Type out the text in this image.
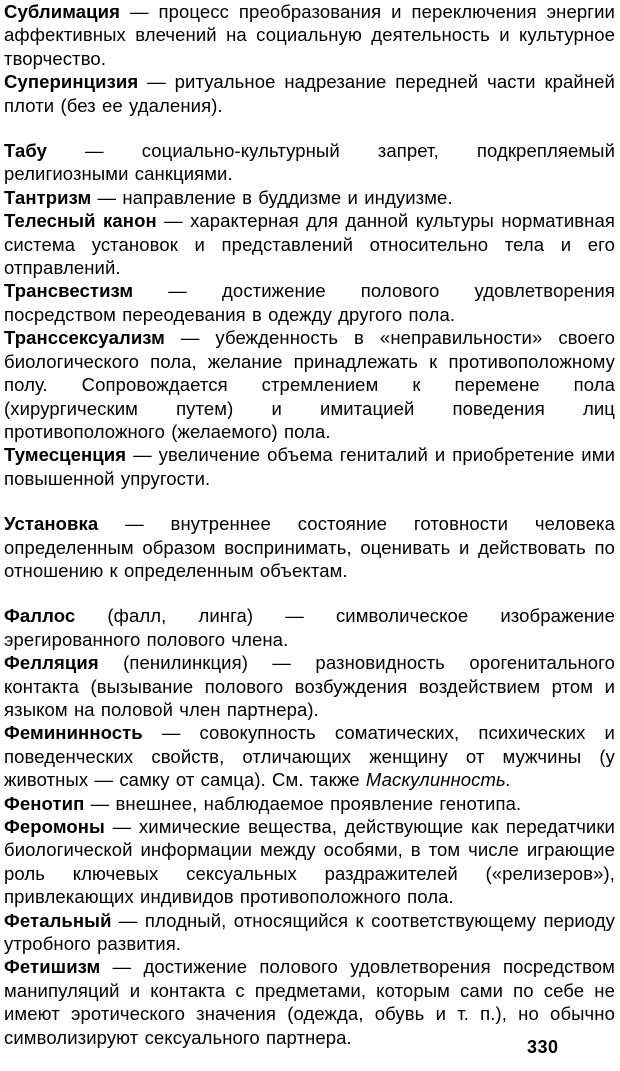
Сублимация — процесс преобразования и переключения энергии аффективных влечений на социальную деятельность и культурное творчество.

Суперинцизия — ритуальное надрезание передней части крайней плоти (без ее удаления).

Табу — социально-культурный запрет, подкрепляемый религиозными санкциями.

Тантризм — направление в буддизме и индуизме.

Телесный канон — характерная для данной культуры нормативная система установок и представлений относительно тела и его отправлений.

Трансвестизм — достижение полового удовлетворения посредством переодевания в одежду другого пола.

Транссексуализм — убежденность в «неправильности» своего биологического пола, желание принадлежать к противоположному полу. Сопровождается стремлением к перемене пола (хирургическим путем) и имитацией поведения лиц противоположного (желаемого) пола.

Тумесценция — увеличение объема гениталий и приобретение ими повышенной упругости.

Установка — внутреннее состояние готовности человека определенным образом воспринимать, оценивать и действовать по отношению к определенным объектам.

Фаллос (фалл, линга) — символическое изображение эрегированного полового члена.

Фелляция (пенилинкция) — разновидность орогенитального контакта (вызывание полового возбуждения воздействием ртом и языком на половой член партнера).

Фемининность — совокупность соматических, психических и поведенческих свойств, отличающих женщину от мужчины (у животных — самку от самца). См. также Маскулинность.

Фенотип — внешнее, наблюдаемое проявление генотипа.

Феромоны — химические вещества, действующие как передатчики биологической информации между особями, в том числе играющие роль ключевых сексуальных раздражителей («релизеров»), привлекающих индивидов противоположного пола.

Фетальный — плодный, относящийся к соответствующему периоду утробного развития.

Фетишизм — достижение полового удовлетворения посредством манипуляций и контакта с предметами, которым сами по себе не имеют эротического значения (одежда, обувь и т. п.), но обычно символизируют сексуального партнера.	330
